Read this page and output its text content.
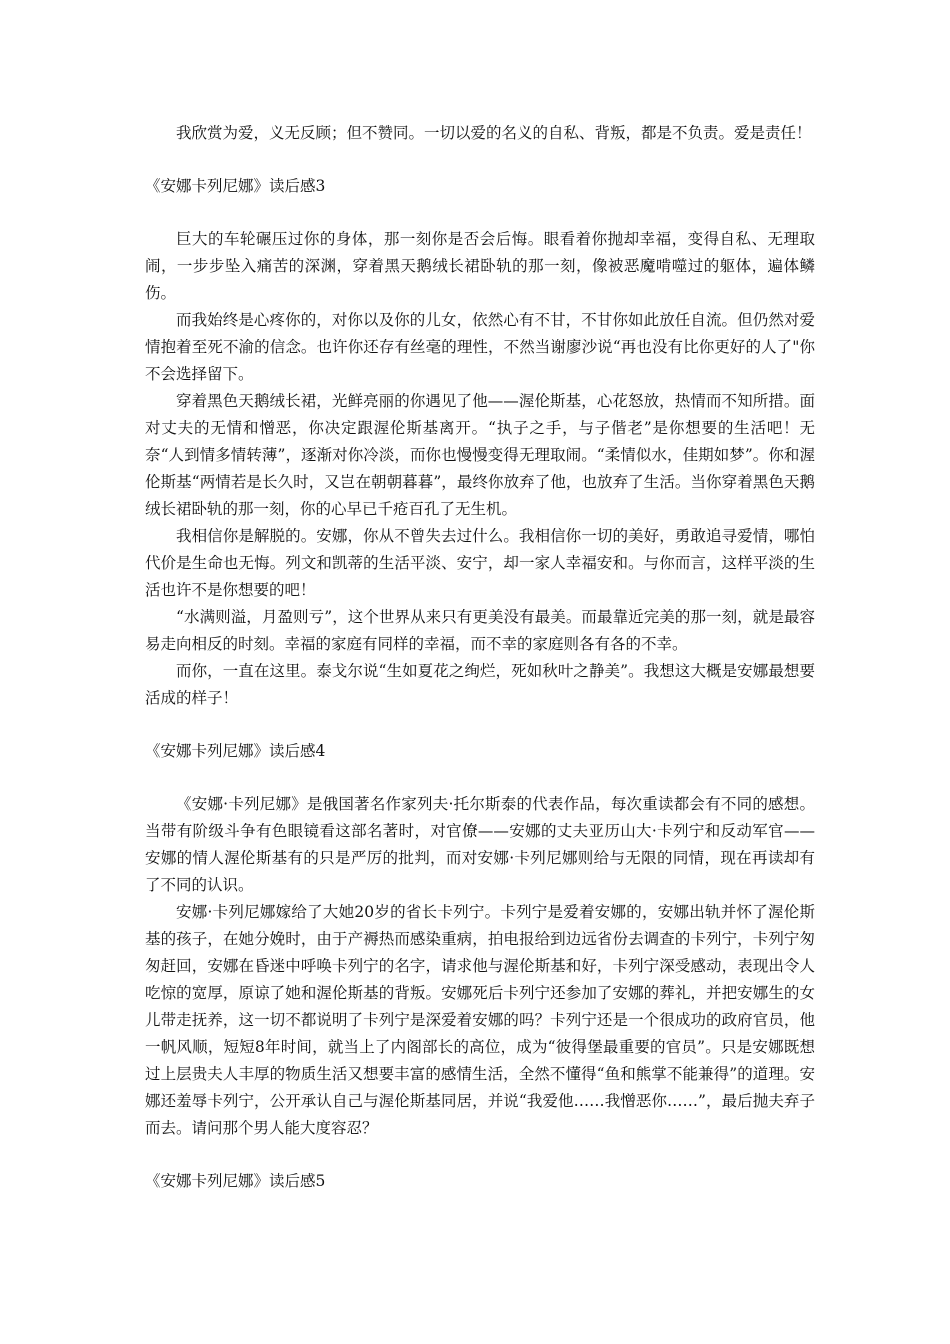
我欣赏为爱，义无反顾；但不赞同。一切以爱的名义的自私、背叛，都是不负责。爱是责任！

《安娜卡列尼娜》读后感3

巨大的车轮碾压过你的身体，那一刻你是否会后悔。眼看着你抛却幸福，变得自私、无理取闹，一步步坠入痛苦的深渊，穿着黑天鹅绒长裙卧轨的那一刻，像被恶魔啃噬过的躯体，遍体鳞伤。

而我始终是心疼你的，对你以及你的儿女，依然心有不甘，不甘你如此放任自流。但仍然对爱情抱着至死不渝的信念。也许你还存有丝毫的理性，不然当谢廖沙说“再也没有比你更好的人了"你不会选择留下。

穿着黑色天鹅绒长裙，光鲜亮丽的你遇见了他——渥伦斯基，心花怒放，热情而不知所措。面对丈夫的无情和憎恶，你决定跟渥伦斯基离开。“执子之手，与子偕老”是你想要的生活吧！无奈“人到情多情转薄”，逐渐对你冷淡，而你也慢慢变得无理取闹。“柔情似水，佳期如梦”。你和渥伦斯基“两情若是长久时，又岂在朝朝暮暮”，最终你放弃了他，也放弃了生活。当你穿着黑色天鹅绒长裙卧轨的那一刻，你的心早已千疮百孔了无生机。

我相信你是解脱的。安娜，你从不曾失去过什么。我相信你一切的美好，勇敢追寻爱情，哪怕代价是生命也无悔。列文和凯蒂的生活平淡、安宁，却一家人幸福安和。与你而言，这样平淡的生活也许不是你想要的吧！

“水满则溢，月盈则亏”，这个世界从来只有更美没有最美。而最靠近完美的那一刻，就是最容易走向相反的时刻。幸福的家庭有同样的幸福，而不幸的家庭则各有各的不幸。

而你，一直在这里。泰戈尔说“生如夏花之绚烂，死如秋叶之静美”。我想这大概是安娜最想要活成的样子！

《安娜卡列尼娜》读后感4

《安娜·卡列尼娜》是俄国著名作家列夫·托尔斯泰的代表作品，每次重读都会有不同的感想。当带有阶级斗争有色眼镜看这部名著时，对官僚——安娜的丈夫亚历山大·卡列宁和反动军官——安娜的情人渥伦斯基有的只是严厉的批判，而对安娜·卡列尼娜则给与无限的同情，现在再读却有了不同的认识。

安娜·卡列尼娜嫁给了大她20岁的省长卡列宁。卡列宁是爱着安娜的，安娜出轨并怀了渥伦斯基的孩子，在她分娩时，由于产褥热而感染重病，拍电报给到边远省份去调查的卡列宁，卡列宁匆匆赶回，安娜在昏迷中呼唤卡列宁的名字，请求他与渥伦斯基和好，卡列宁深受感动，表现出令人吃惊的宽厚，原谅了她和渥伦斯基的背叛。安娜死后卡列宁还参加了安娜的葬礼，并把安娜生的女儿带走抚养，这一切不都说明了卡列宁是深爱着安娜的吗？卡列宁还是一个很成功的政府官员，他一帆风顺，短短8年时间，就当上了内阁部长的高位，成为“彼得堡最重要的官员”。只是安娜既想过上层贵夫人丰厚的物质生活又想要丰富的感情生活，全然不懂得“鱼和熊掌不能兼得”的道理。安娜还羞辱卡列宁，公开承认自己与渥伦斯基同居，并说“我爱他……我憎恶你……”，最后抛夫弃子而去。请问那个男人能大度容忍？

《安娜卡列尼娜》读后感5
